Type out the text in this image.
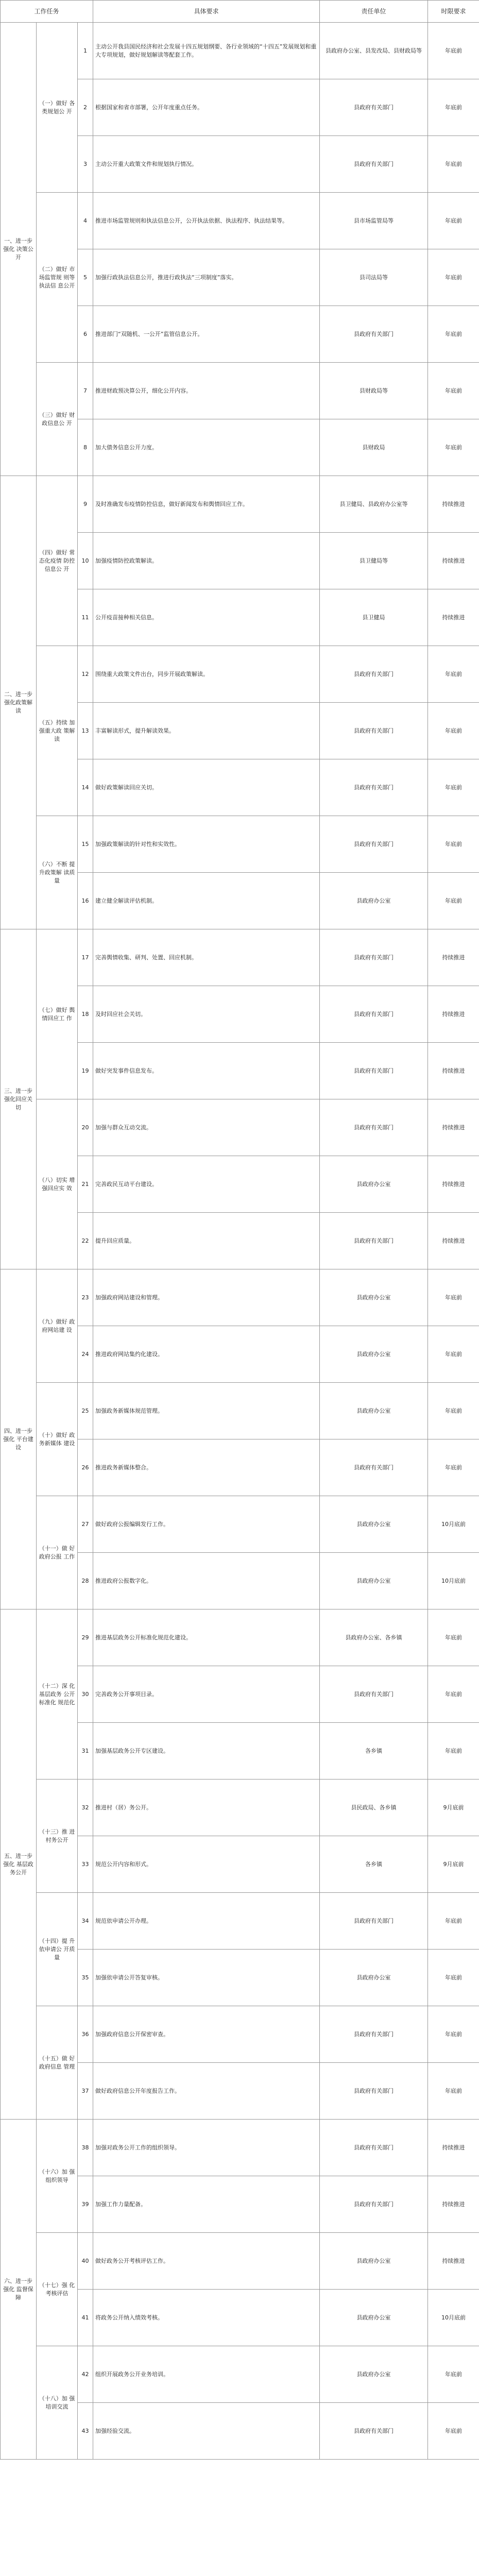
工作任务			具体要求	责任单位	时限要求
一、进一步强化 决策公开	（一）做好 各类规划公 开	1	主动公开我县国民经济和社会发展十四五规划纲要、各行业领域的“十四五”发展规划和重大专项规划，做好规划解读等配套工作。	县政府办公室、县发改局、县财政局等	年底前
		2	根据国家和省市部署，公开年度重点任务。	县政府有关部门	年底前
		3	主动公开重大政策文件和规划执行情况。	县政府有关部门	年底前
	（二）做好 市场监管规 则等执法信 息公开	4	推进市场监管规则和执法信息公开，公开执法依据、执法程序、执法结果等。	县市场监管局等	年底前
		5	加强行政执法信息公开，推进行政执法“三项制度”落实。	县司法局等	年底前
		6	推进部门“双随机、一公开”监管信息公开。	县政府有关部门	年底前
	（三）做好 财政信息公 开	7	推进财政预决算公开，细化公开内容。	县财政局等	年底前
		8	加大债务信息公开力度。	县财政局	年底前
二、进一步强化政策解读	（四）做好 常态化疫情 防控信息公 开	9	及时准确发布疫情防控信息，做好新闻发布和舆情回应工作。	县卫健局、县政府办公室等	持续推进
		10	加强疫情防控政策解读。	县卫健局等	持续推进
		11	公开疫苗接种相关信息。	县卫健局	持续推进
	（五）持续 加强重大政 策解读	12	围绕重大政策文件出台，同步开展政策解读。	县政府有关部门	年底前
		13	丰富解读形式，提升解读效果。	县政府有关部门	年底前
		14	做好政策解读回应关切。	县政府有关部门	年底前
	（六）不断 提升政策解 读质量	15	加强政策解读的针对性和实效性。	县政府有关部门	年底前
		16	建立健全解读评估机制。	县政府办公室	年底前
三、进一步强化回应关切	（七）做好 舆情回应工 作	17	完善舆情收集、研判、处置、回应机制。	县政府有关部门	持续推进
		18	及时回应社会关切。	县政府有关部门	持续推进
		19	做好突发事件信息发布。	县政府有关部门	持续推进
	（八）切实 增强回应实 效	20	加强与群众互动交流。	县政府有关部门	持续推进
		21	完善政民互动平台建设。	县政府办公室	持续推进
		22	提升回应质量。	县政府有关部门	持续推进
四、进一步强化 平台建设	（九）做好 政府网站建 设	23	加强政府网站建设和管理。	县政府办公室	年底前
		24	推进政府网站集约化建设。	县政府办公室	年底前
	（十）做好 政务新媒体 建设	25	加强政务新媒体规范管理。	县政府办公室	年底前
		26	推进政务新媒体整合。	县政府有关部门	年底前
	（十一）做 好政府公报 工作	27	做好政府公报编辑发行工作。	县政府办公室	10月底前
		28	推进政府公报数字化。	县政府办公室	10月底前
五、进一步强化 基层政务公开	（十二）深 化基层政务 公开标准化 规范化	29	推进基层政务公开标准化规范化建设。	县政府办公室、各乡镇	年底前
		30	完善政务公开事项目录。	县政府有关部门	年底前
		31	加强基层政务公开专区建设。	各乡镇	年底前
	（十三）推 进村务公开	32	推进村（居）务公开。	县民政局、各乡镇	9月底前
		33	规范公开内容和形式。	各乡镇	9月底前
	（十四）提 升依申请公 开质量	34	规范依申请公开办理。	县政府有关部门	年底前
		35	加强依申请公开答复审核。	县政府办公室	年底前
	（十五）做 好政府信息 管理	36	加强政府信息公开保密审查。	县政府有关部门	年底前
		37	做好政府信息公开年度报告工作。	县政府有关部门	年底前
六、进一步强化 监督保障	（十六）加 强组织领导	38	加强对政务公开工作的组织领导。	县政府有关部门	持续推进
		39	加强工作力量配备。	县政府有关部门	持续推进
	（十七）强 化考核评估	40	做好政务公开考核评估工作。	县政府办公室	持续推进
		41	将政务公开纳入绩效考核。	县政府办公室	10月底前
	（十八）加 强培训交流	42	组织开展政务公开业务培训。	县政府办公室	年底前
		43	加强经验交流。	县政府有关部门	年底前
